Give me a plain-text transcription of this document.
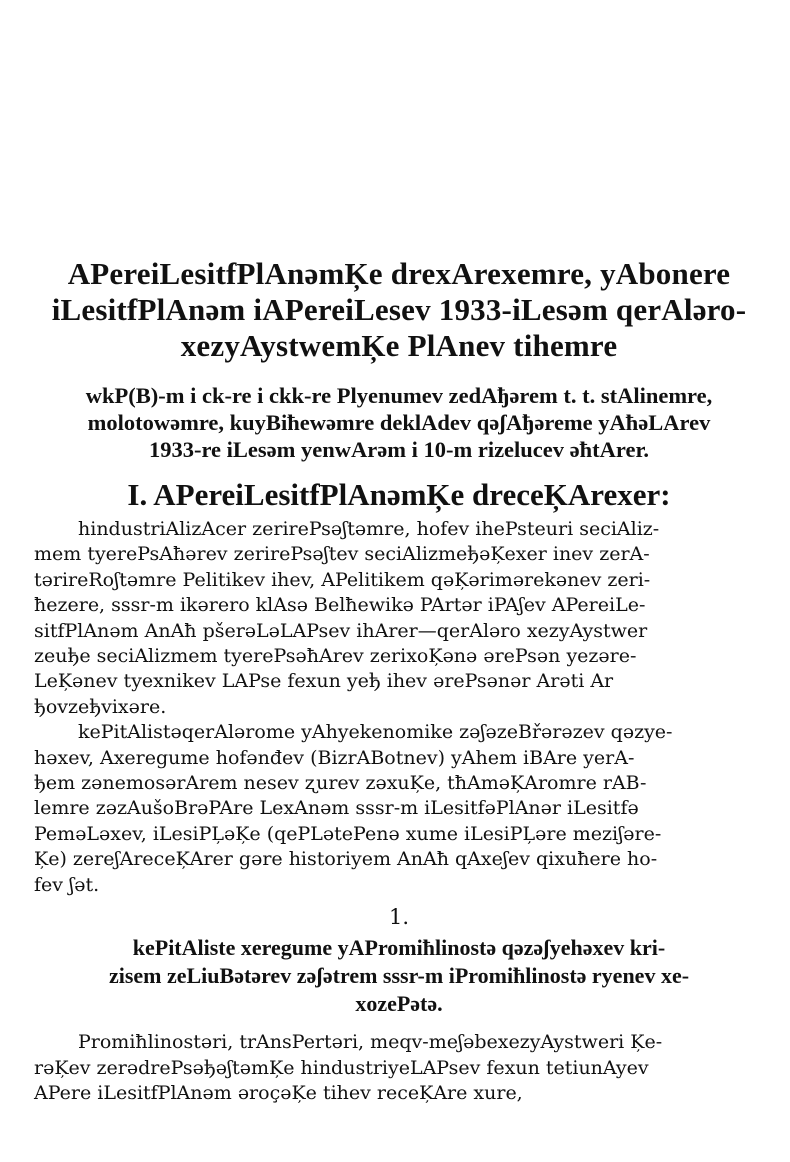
APereiLesitfPlAnəmĶe drexArexemre, yAbonere
iLesitfPlAnəm iAPereiLesev 1933-iLesəm qerAləro-
xezyAystwemĶe PlAnev tihemre

wkP(B)-m i ck-re i ckk-re Plyenumev zedAђərem t. t. stAlinemre,
molotowəmre, kuyBiħewəmre deklAdev qəʃAђəreme yAħəLArev
1933-re iLesəm yenwArəm i 10-m rizelucev əħtArer.

I. APereiLesitfPlAnəmĶe dreceĶArexer:

hindustriAlizAcer zerirePsəʃtəmre, hofev ihePsteuri seciAliz-
mem tyerePsAħərev zerirePsəʃtev seciAlizmeђəĶexer inev zerA-
tərireRoʃtəmre Pelitikev ihev, APelitikem qəĶərimərekənev zeri-
ħezere, sssr-m ikərero klAsə Belħewikə PArtər iPAʃev APereiLe-
sitfPlAnəm AnAħ pšerəLəLAPsev ihArer—qerAləro xezyAystwer
zeuђe seciAlizmem tyerePsəħArev zerixoĶənə ərePsən yezəre-
LeĶənev tyexnikev LAPse fexun yeђ ihev ərePsənər Arəti Ar
ђovzeђvixəre.

kePitAlistəqerAlərome yAhyekenomike zəʃəzeBřərəzev qəzye-
həxev, Axeregume hofənđev (BizrABotnev) yAhem iBAre yerA-
ђem zənemosərArem nesev ʐurev zəxuĶe, tħAməĶAromre rAB-
lemre zəzAušoBrəPAre LexAnəm sssr-m iLesitfəPlAnər iLesitfə
PeməLəxev, iLesiPĻəĶe (qePLətePenə xume iLesiPĻəre meziʃəre-
Ķe) zereʃAreceĶArer gəre historiyem AnAħ qAxeʃev qixuħere ho-
fev ʃət.

1.
kePitAliste xeregume yAPromiħlinostə qəzəʃyehəxev kri-
zisem zeLiuBətərev zəʃətrem sssr-m iPromiħlinostə ryenev xe-
xozePətə.

Promiħlinostəri, trAnsPertəri, meqv-meʃəbexezyAystweri Ķe-
rəĶev zerədrePsəђəʃtəmĶe hindustriyeLAPsev fexun tetiunAyev
APere iLesitfPlAnəm əroçəĶe tihev receĶAre xure,
